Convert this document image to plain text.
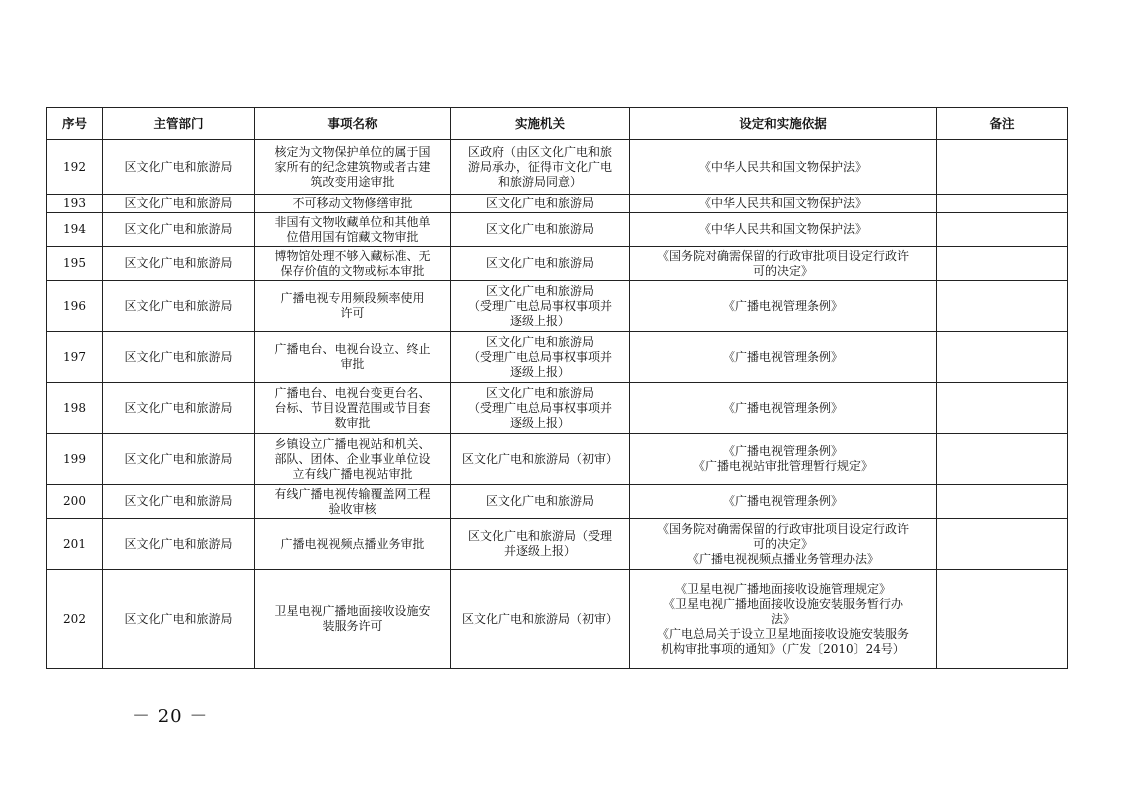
序号	主管部门	事项名称	实施机关	设定和实施依据	备注
192	区文化广电和旅游局	核定为文物保护单位的属于国
家所有的纪念建筑物或者古建
筑改变用途审批	区政府（由区文化广电和旅
游局承办，征得市文化广电
和旅游局同意）	《中华人民共和国文物保护法》	

193	区文化广电和旅游局	不可移动文物修缮审批	区文化广电和旅游局	《中华人民共和国文物保护法》	

194	区文化广电和旅游局	非国有文物收藏单位和其他单
位借用国有馆藏文物审批	区文化广电和旅游局	《中华人民共和国文物保护法》	

195	区文化广电和旅游局	博物馆处理不够入藏标准、无
保存价值的文物或标本审批	区文化广电和旅游局	《国务院对确需保留的行政审批项目设定行政许
可的决定》	

196	区文化广电和旅游局	广播电视专用频段频率使用
许可	区文化广电和旅游局
（受理广电总局事权事项并
逐级上报）	《广播电视管理条例》	

197	区文化广电和旅游局	广播电台、电视台设立、终止
审批	区文化广电和旅游局
（受理广电总局事权事项并
逐级上报）	《广播电视管理条例》	

198	区文化广电和旅游局	广播电台、电视台变更台名、
台标、节目设置范围或节目套
数审批	区文化广电和旅游局
（受理广电总局事权事项并
逐级上报）	《广播电视管理条例》	

199	区文化广电和旅游局	乡镇设立广播电视站和机关、
部队、团体、企业事业单位设
立有线广播电视站审批	区文化广电和旅游局（初审）	《广播电视管理条例》
《广播电视站审批管理暂行规定》	

200	区文化广电和旅游局	有线广播电视传输覆盖网工程
验收审核	区文化广电和旅游局	《广播电视管理条例》	

201	区文化广电和旅游局	广播电视视频点播业务审批	区文化广电和旅游局（受理
并逐级上报）	《国务院对确需保留的行政审批项目设定行政许
可的决定》
《广播电视视频点播业务管理办法》	

202	区文化广电和旅游局	卫星电视广播地面接收设施安
装服务许可	区文化广电和旅游局（初审）	《卫星电视广播地面接收设施管理规定》
《卫星电视广播地面接收设施安装服务暂行办
法》
《广电总局关于设立卫星地面接收设施安装服务
机构审批事项的通知》（广发〔2010〕24号）	

－ 20 －
